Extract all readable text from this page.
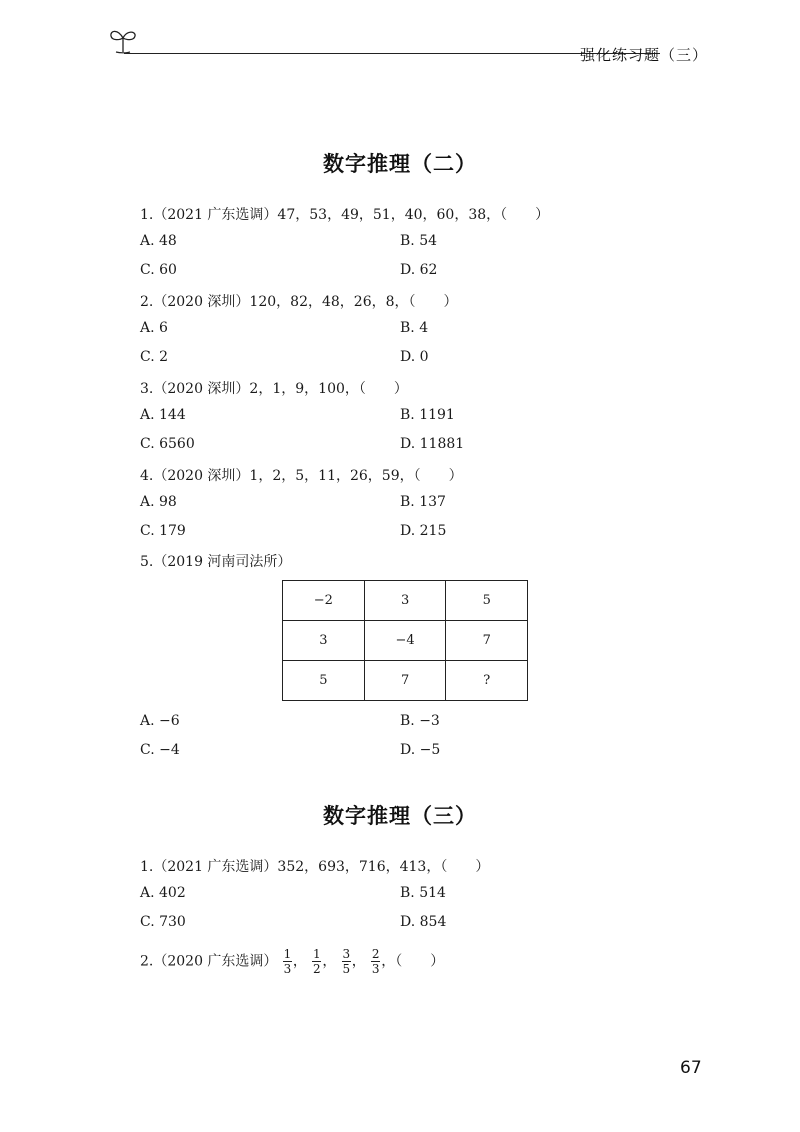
强化练习题（三）
数字推理（二）
1.（2021 广东选调）47，53，49，51，40，60，38，（　　）
A. 48	B. 54
C. 60	D. 62
2.（2020 深圳）120，82，48，26，8，（　　）
A. 6	B. 4
C. 2	D. 0
3.（2020 深圳）2，1，9，100，（　　）
A. 144	B. 1191
C. 6560	D. 11881
4.（2020 深圳）1，2，5，11，26，59，（　　）
A. 98	B. 137
C. 179	D. 215
5.（2019 河南司法所）
−2	3	5
3	−4	7
5	7	?
A. −6	B. −3
C. −4	D. −5
数字推理（三）
1.（2021 广东选调）352，693，716，413，（　　）
A. 402	B. 514
C. 730	D. 854
2.（2020 广东选调） $\frac{1}{3}$ ， $\frac{1}{2}$ ， $\frac{3}{5}$ ， $\frac{2}{3}$ ，（　　）
67
